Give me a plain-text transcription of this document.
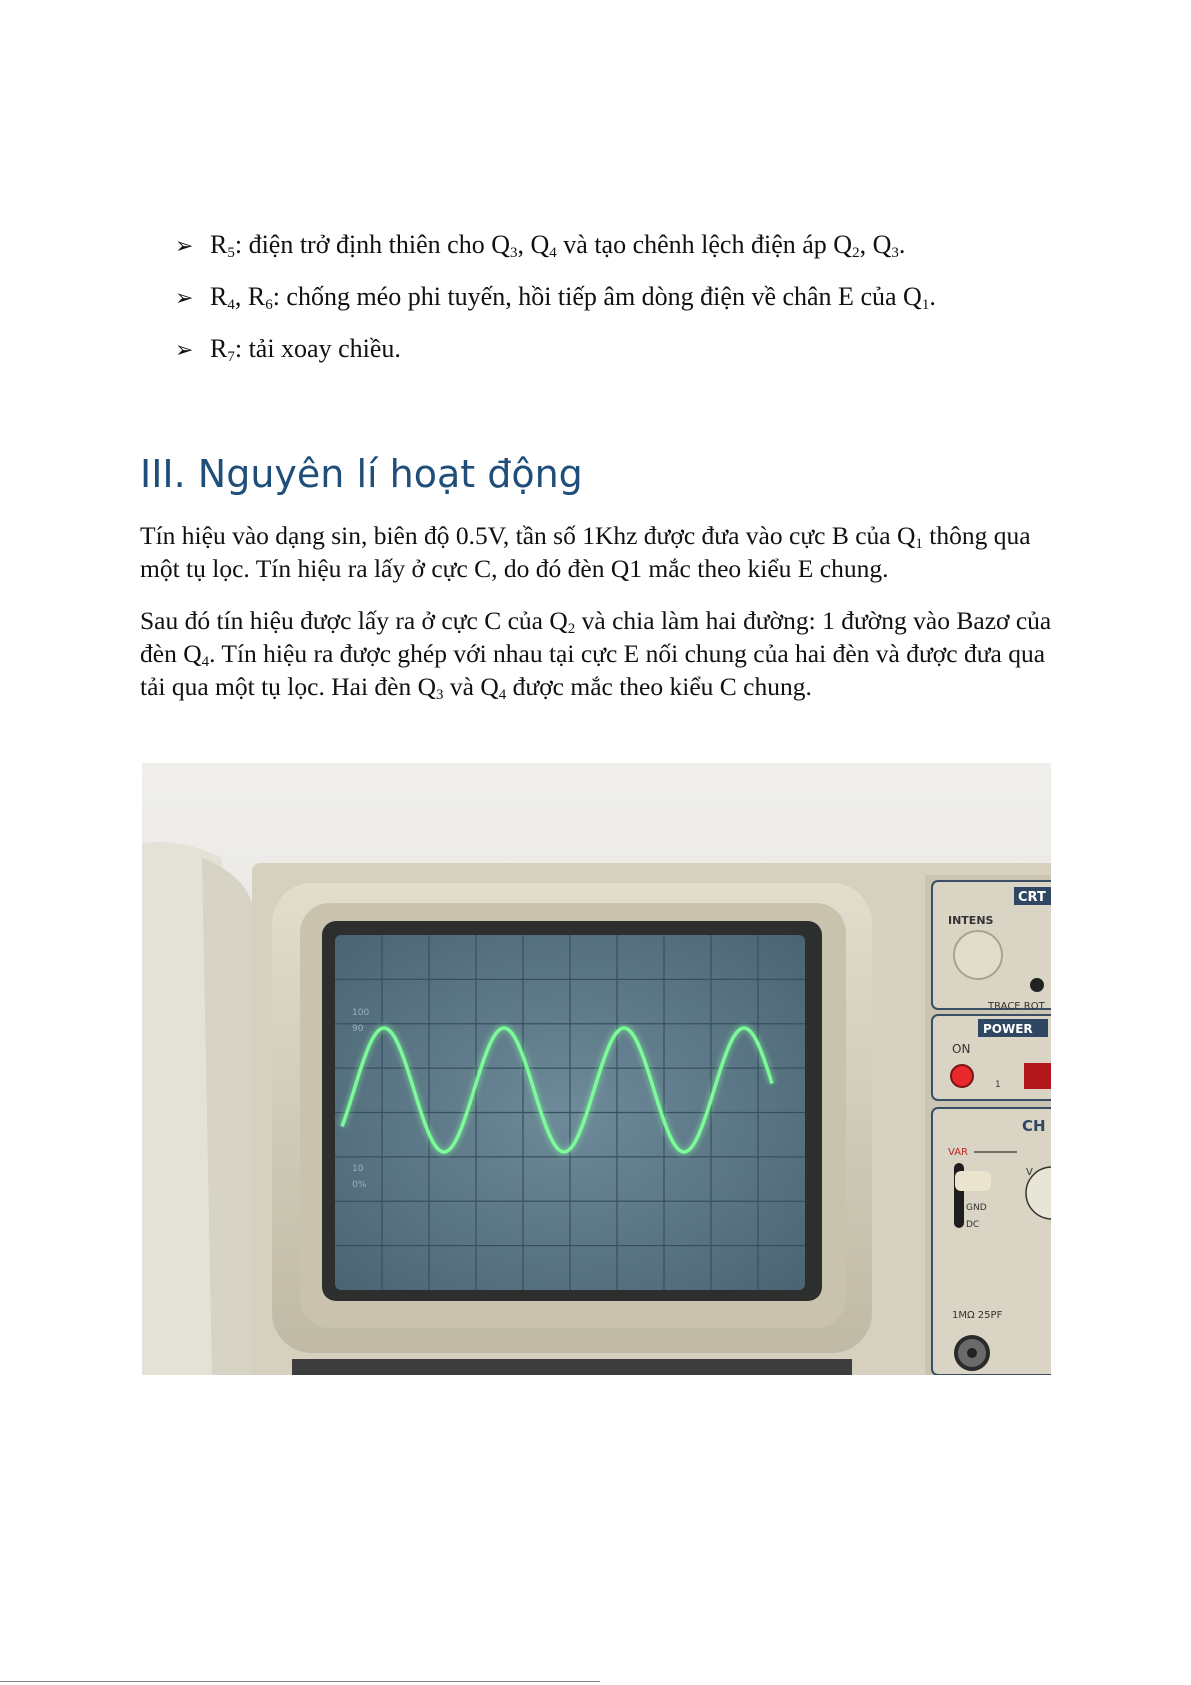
➢ $R_5$: điện trở định thiên cho $Q_3$, $Q_4$ và tạo chênh lệch điện áp $Q_2$, $Q_3$.
➢ $R_4$, $R_6$: chống méo phi tuyến, hồi tiếp âm dòng điện về chân E của $Q_1$.
➢ $R_7$: tải xoay chiều.
III. Nguyên lí hoạt động

Tín hiệu vào dạng sin, biên độ 0.5V, tần số 1Khz được đưa vào cực B của $Q_1$ thông qua một tụ lọc. Tín hiệu ra lấy ở cực C, do đó đèn Q1 mắc theo kiểu E chung.

Sau đó tín hiệu được lấy ra ở cực C của $Q_2$ và chia làm hai đường: 1 đường vào Bazơ của đèn $Q_4$. Tín hiệu ra được ghép với nhau tại cực E nối chung của hai đèn và được đưa qua tải qua một tụ lọc. Hai đèn $Q_3$ và $Q_4$ được mắc theo kiểu C chung.

100
90
10
0%
CRT
INTENS
TRACE ROT
POWER
ON
1
CH
VAR
V
GND
DC
1MΩ 25PF
